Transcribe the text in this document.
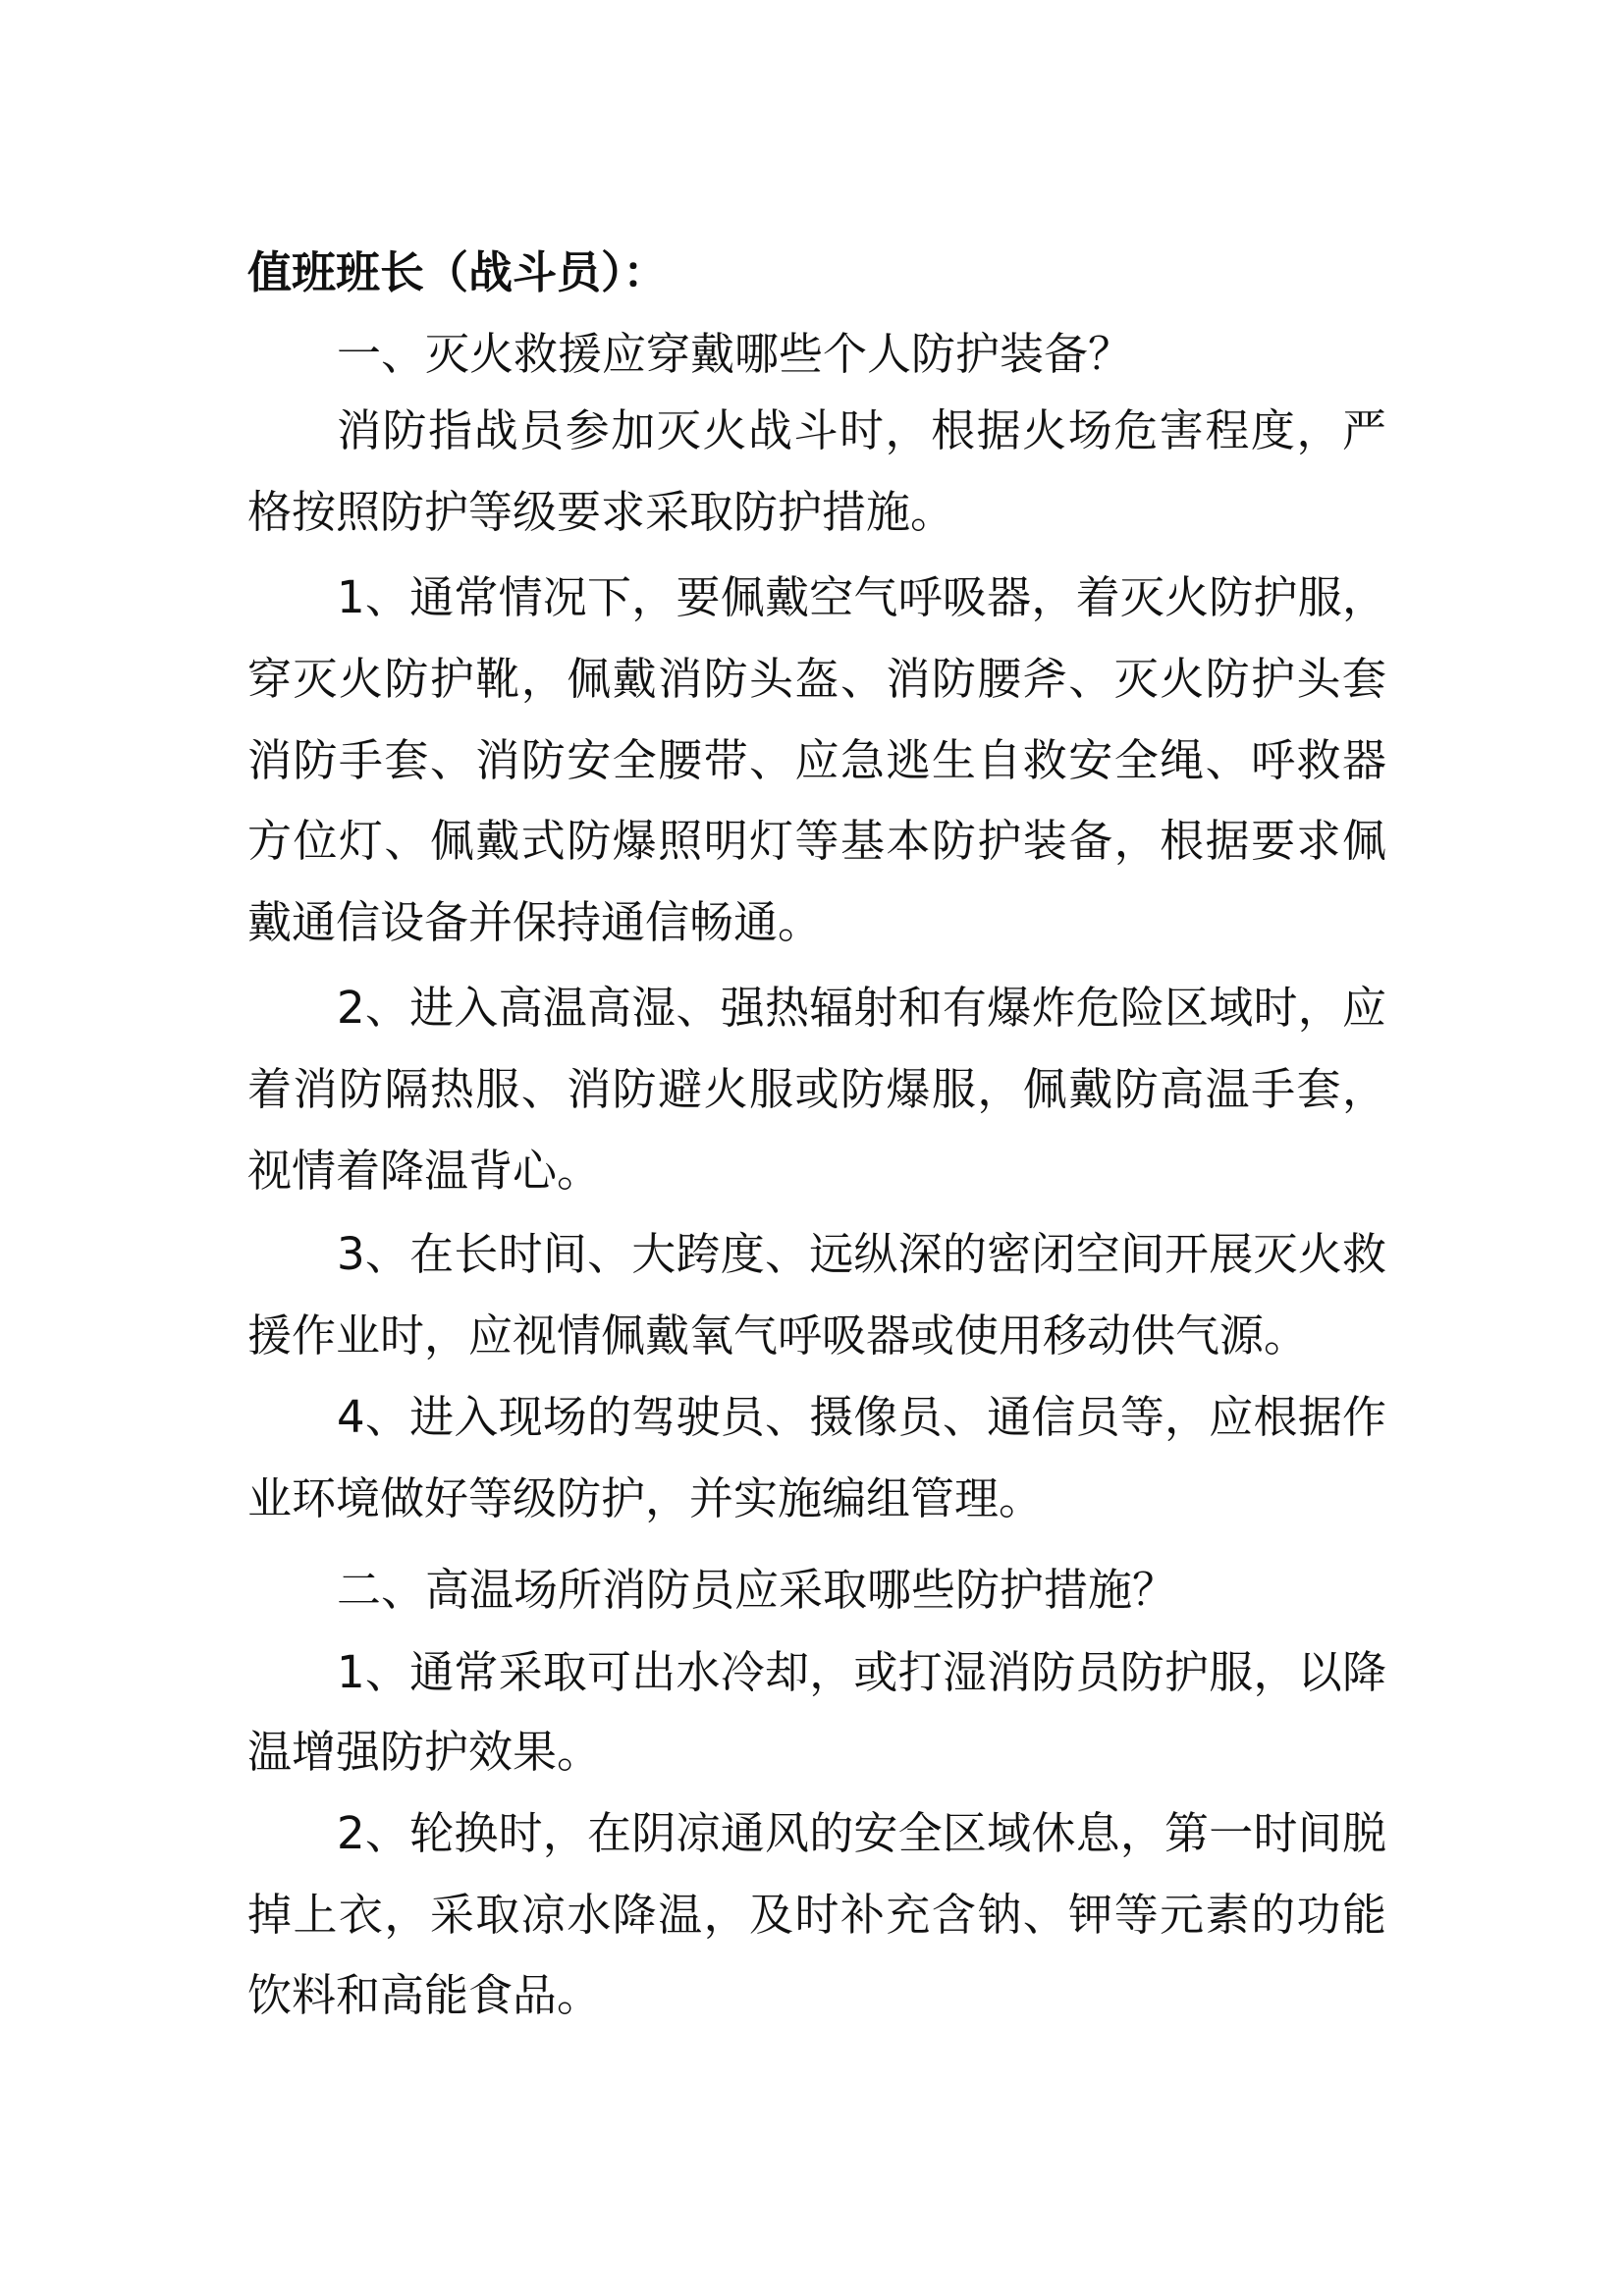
值班班长（战斗员）：
一、灭火救援应穿戴哪些个人防护装备？
消防指战员参加灭火战斗时，根据火场危害程度，严
格按照防护等级要求采取防护措施。
1、通常情况下，要佩戴空气呼吸器，着灭火防护服，
穿灭火防护靴，佩戴消防头盔、消防腰斧、灭火防护头套
消防手套、消防安全腰带、应急逃生自救安全绳、呼救器
方位灯、佩戴式防爆照明灯等基本防护装备，根据要求佩
戴通信设备并保持通信畅通。
2、进入高温高湿、强热辐射和有爆炸危险区域时，应
着消防隔热服、消防避火服或防爆服，佩戴防高温手套，
视情着降温背心。
3、在长时间、大跨度、远纵深的密闭空间开展灭火救
援作业时，应视情佩戴氧气呼吸器或使用移动供气源。
4、进入现场的驾驶员、摄像员、通信员等，应根据作
业环境做好等级防护，并实施编组管理。
二、高温场所消防员应采取哪些防护措施？
1、通常采取可出水冷却，或打湿消防员防护服，以降
温增强防护效果。
2、轮换时，在阴凉通风的安全区域休息，第一时间脱
掉上衣，采取凉水降温，及时补充含钠、钾等元素的功能
饮料和高能食品。
